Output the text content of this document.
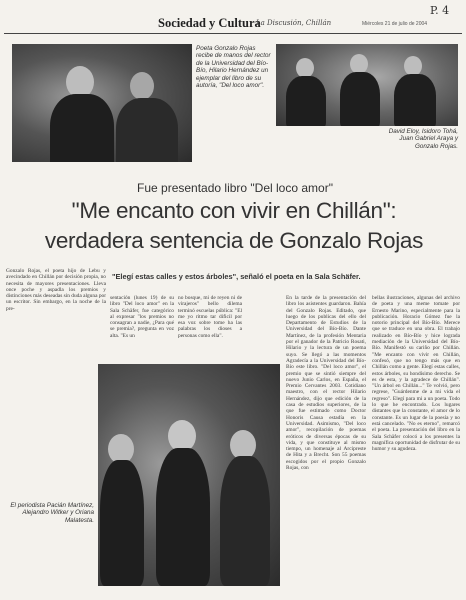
Sociedad y Cultura
La Discusión, Chillán	Miércoles 21 de julio de 2004
P. 4
Poeta Gonzalo Rojas recibe de manos del rector de la Universidad del Bío-Bío, Hilario Hernández un ejemplar del libro de su autoría, "Del loco amor".
David Eloy, Isidoro Tohá, Juan Gabriel Araya y Gonzalo Rojas.
Fue presentado libro "Del loco amor"
"Me encanto con vivir en Chillán":
verdadera sentencia de Gonzalo Rojas
"Elegí estas calles y estos árboles", señaló el poeta en la Sala Schäfer.
Gonzalo Rojas, el poeta hijo de Lebu y avecindado en Chillán por decisión propia, no necesita de mayores presentaciones. Lleva once poche y aspadla los premios y distinciones más deseadas sin duda alguna por un escritor. Sin embargo, en la noche de la pre-
sentación (lunes 19) de su libro "Del loco amor" en la Sala Schäfer, fue categórico al expresar "los premios no consagran a nadie, ¿Para qué se premia?, pregunta en voz alta. "Es un
no bosque, mi de reyen ni de virajeros" bello dilema terminó escuelas pública: "El me yo ritmo tar dificil por esa voz sobre tome ha las palabras los dioses a personas como ella".
En la tarde de la presentación del libro los asistentes guardaron. Bahía del Gonzalo Rojas. Editado, que luego de los publicas del ello del Departamento de Estudios de la Universidad del Bío-Bío. Dante Martínez, de la profesión Mentaria por el ganador de la Patricio Rosati, Hilario y la lectura de un poema suyo. Se llegó a las momentos Agradecía a la Universidad del Bío-Bío este libro. "Del loco amor", el premio que se sintió siempre del nuevo Junio Carlos, en España, el Premio Cervantes 2003. Cotidiano maestro, con el rector Hilario Hernández, dijo que edición de la casa de estudios superiores, de la que fue estimado como Doctor Honoris Causa estadía en la Universidad. Asimismo, "Del loco amor", recopilación de poemas eróticos de diversas épocas de su vida, y que constituye al mismo tiempo, un homenaje al Arcipreste de Hita y a Brecht. Son 55 poemas escogidos por el propio Gonzalo Rojas, con
bellas ilustraciones, algunas del archivo de poeta y una meme tomate por Ernesto Marino, especialmente para la publicación. Horacio Gómez fue la notorio principal del Bío-Bío. Merece que se traduce en una obra. El trabajo realizado en Bío-Bío y hice lograda mediación de la Universidad del Bío-Bío. Manifestó su cariño por Chillán. "Me encanto con vivir en Chillán, confesó, que no tengo más que en Chillán como a gente. Elegí estas calles, estos árboles, su hondísimo derecho. Se es de esta, y la agradece de Chillán". "Un árbol en Chillán..." Te volvió, pero regrese, "Guárdenme de a mi vida el regreso". Elegí para mi a un poeta. Todo lo que he encontrado. Los lugares distantes que la constante, el amor de lo constante. Es un lugar de la poesía y no está cancelado. "No es eterno", remarcó el poeta. La presentación del libro en la Sala Schäfer colocó a los presentes la magnífica oportunidad de disfrutar de su humor y su agudeza.
El periodista Pacián Martínez, Alejandro Witker y Oriana Malatesta.
